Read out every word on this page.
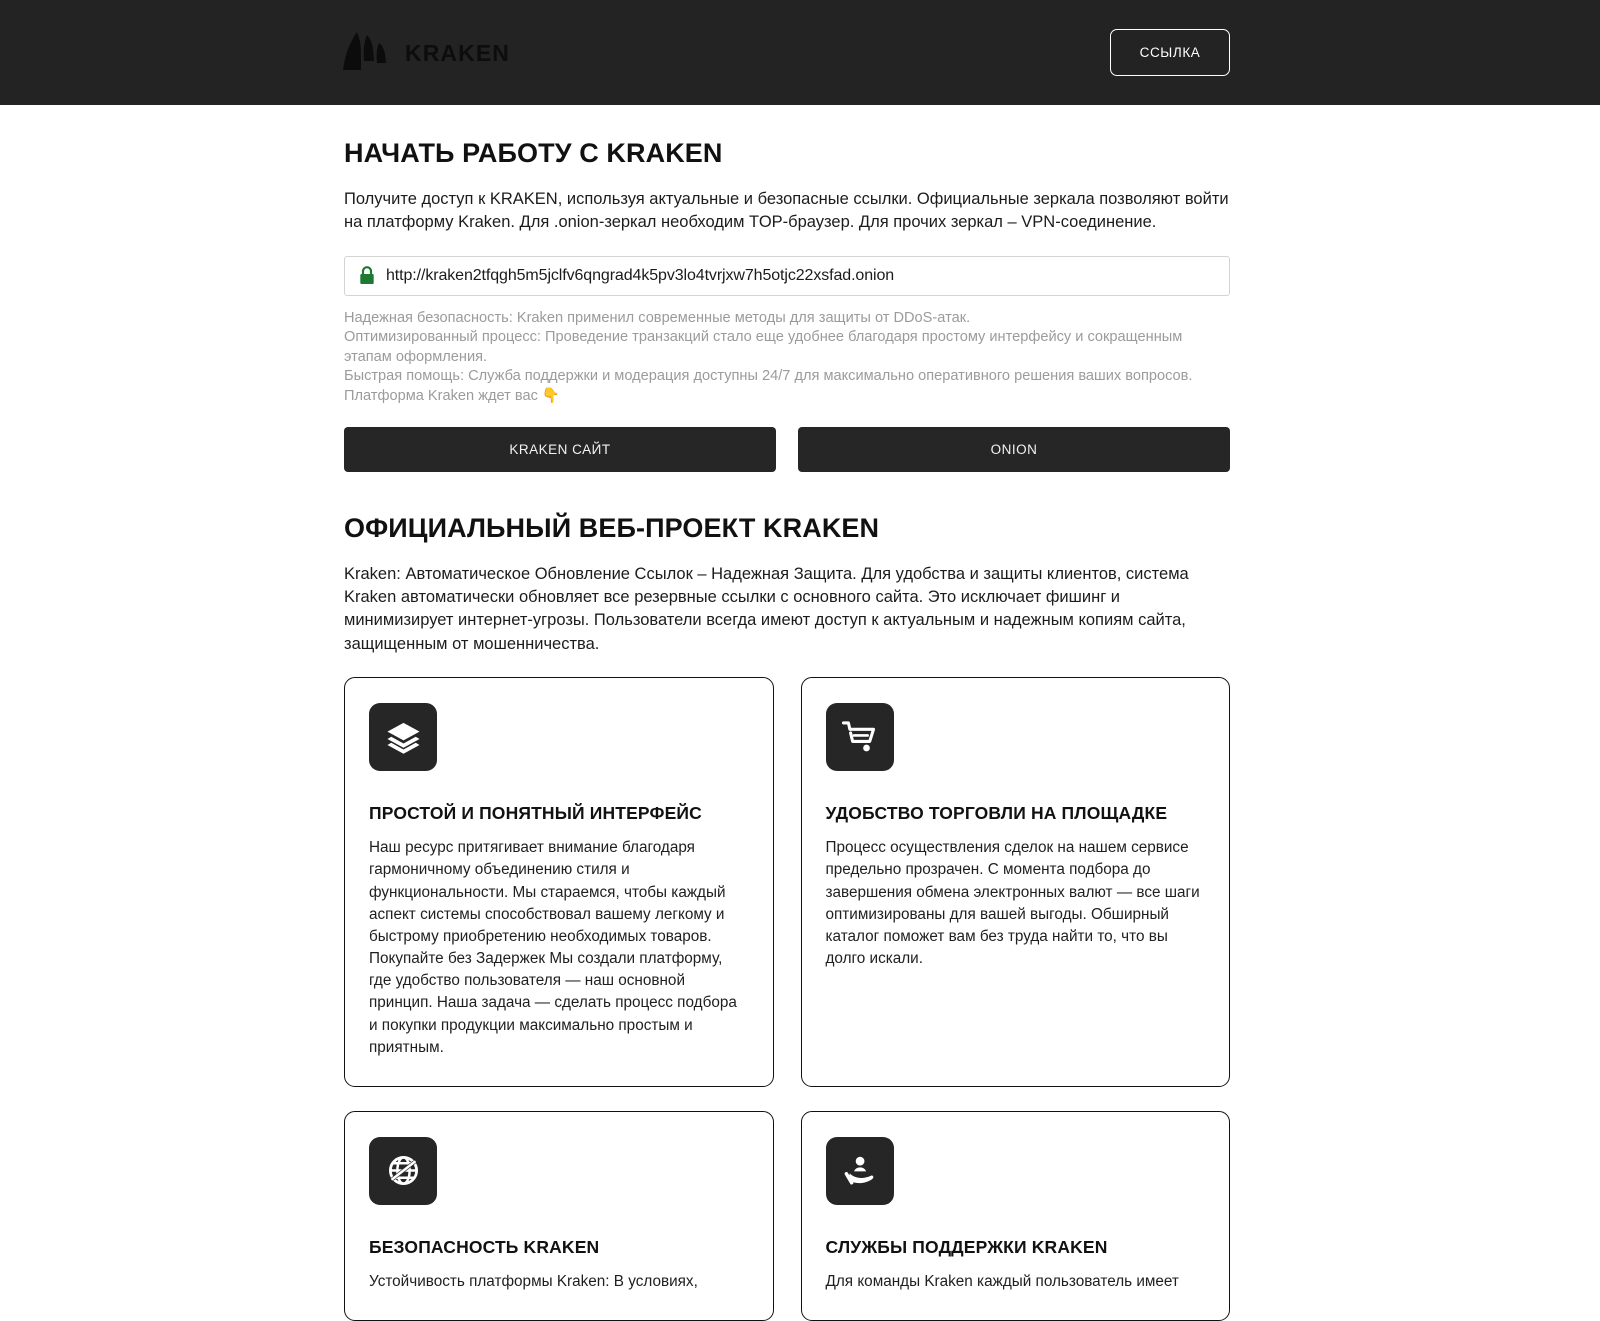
KRAKEN	ССЫЛКА
НАЧАТЬ РАБОТУ С KRAKEN

Получите доступ к KRAKEN, используя актуальные и безопасные ссылки. Официальные зеркала позволяют войти на платформу Kraken. Для .onion-зеркал необходим TOP-браузер. Для прочих зеркал – VPN-соединение.

http://kraken2tfqgh5m5jclfv6qngrad4k5pv3lo4tvrjxw7h5otjc22xsfad.onion

Надежная безопасность: Kraken применил современные методы для защиты от DDoS-атак.

Оптимизированный процесс: Проведение транзакций стало еще удобнее благодаря простому интерфейсу и сокращенным этапам оформления.

Быстрая помощь: Служба поддержки и модерация доступны 24/7 для максимально оперативного решения ваших вопросов.

Платформа Kraken ждет вас 👇

KRAKEN САЙТ	ONION
ОФИЦИАЛЬНЫЙ ВЕБ-ПРОЕКТ KRAKEN

Kraken: Автоматическое Обновление Ссылок – Надежная Защита. Для удобства и защиты клиентов, система Kraken автоматически обновляет все резервные ссылки с основного сайта. Это исключает фишинг и минимизирует интернет-угрозы. Пользователи всегда имеют доступ к актуальным и надежным копиям сайта, защищенным от мошенничества.

ПРОСТОЙ И ПОНЯТНЫЙ ИНТЕРФЕЙС

Наш ресурс притягивает внимание благодаря гармоничному объединению стиля и функциональности. Мы стараемся, чтобы каждый аспект системы способствовал вашему легкому и быстрому приобретению необходимых товаров. Покупайте без Задержек Мы создали платформу, где удобство пользователя — наш основной принцип. Наша задача — сделать процесс подбора и покупки продукции максимально простым и приятным.

УДОБСТВО ТОРГОВЛИ НА ПЛОЩАДКЕ

Процесс осуществления сделок на нашем сервисе предельно прозрачен. С момента подбора до завершения обмена электронных валют — все шаги оптимизированы для вашей выгоды. Обширный каталог поможет вам без труда найти то, что вы долго искали.

БЕЗОПАСНОСТЬ KRAKEN

Устойчивость платформы Kraken: В условиях,

СЛУЖБЫ ПОДДЕРЖКИ KRAKEN

Для команды Kraken каждый пользователь имеет
